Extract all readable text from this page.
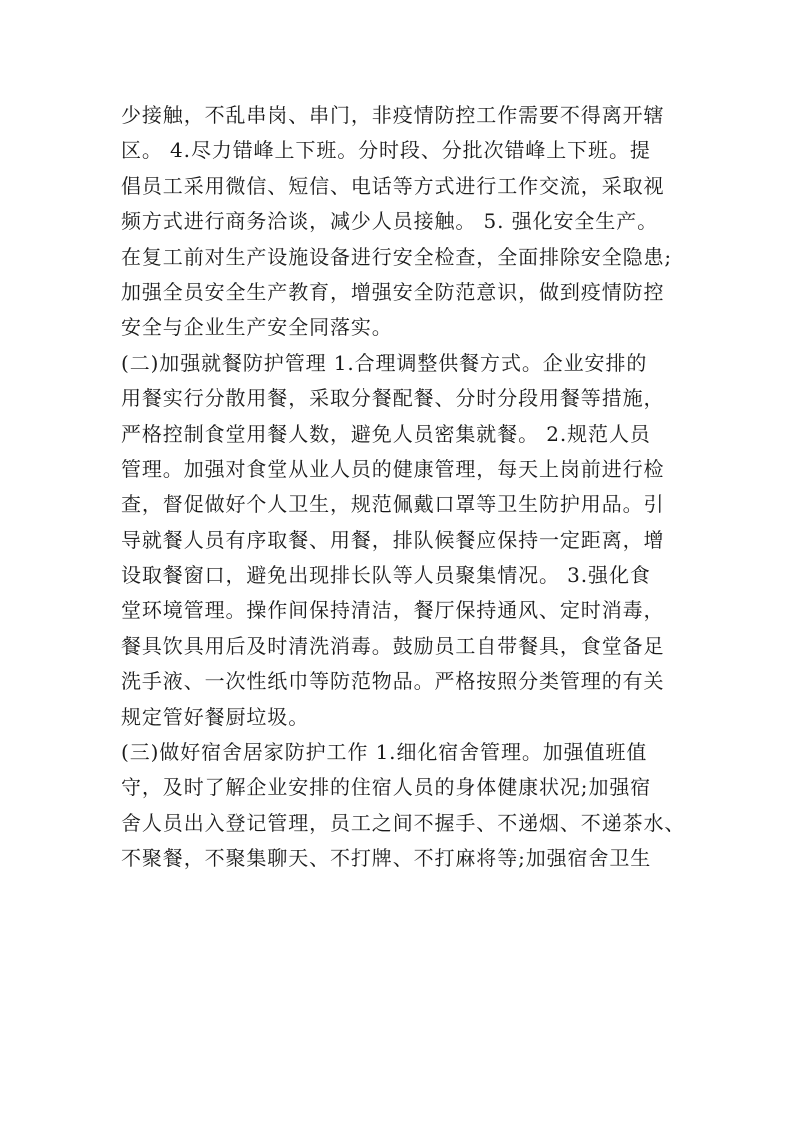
少接触，不乱串岗、串门，非疫情防控工作需要不得离开辖
区。 4.尽力错峰上下班。分时段、分批次错峰上下班。提
倡员工采用微信、短信、电话等方式进行工作交流，采取视
频方式进行商务洽谈，减少人员接触。 5. 强化安全生产。
在复工前对生产设施设备进行安全检查，全面排除安全隐患;
加强全员安全生产教育，增强安全防范意识，做到疫情防控
安全与企业生产安全同落实。
(二)加强就餐防护管理 1.合理调整供餐方式。企业安排的
用餐实行分散用餐，采取分餐配餐、分时分段用餐等措施，
严格控制食堂用餐人数，避免人员密集就餐。 2.规范人员
管理。加强对食堂从业人员的健康管理，每天上岗前进行检
查，督促做好个人卫生，规范佩戴口罩等卫生防护用品。引
导就餐人员有序取餐、用餐，排队候餐应保持一定距离，增
设取餐窗口，避免出现排长队等人员聚集情况。 3.强化食
堂环境管理。操作间保持清洁，餐厅保持通风、定时消毒，
餐具饮具用后及时清洗消毒。鼓励员工自带餐具，食堂备足
洗手液、一次性纸巾等防范物品。严格按照分类管理的有关
规定管好餐厨垃圾。
(三)做好宿舍居家防护工作 1.细化宿舍管理。加强值班值
守，及时了解企业安排的住宿人员的身体健康状况;加强宿
舍人员出入登记管理，员工之间不握手、不递烟、不递茶水、
不聚餐，不聚集聊天、不打牌、不打麻将等;加强宿舍卫生
